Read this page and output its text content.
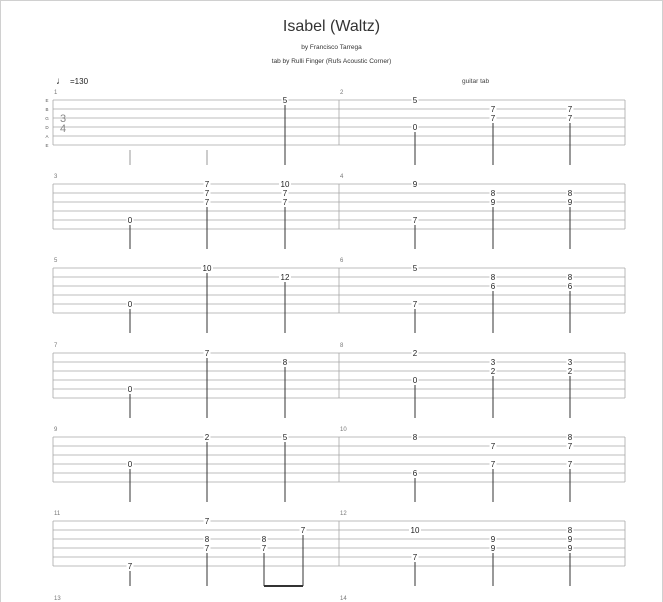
Isabel (Waltz)
by Francisco Tarrega
tab by Rulli Finger (Rufs Acoustic Corner)
♩ =130	guitar tab
1	2
E
B
G
D
A
E
3
4
5	5
0
7
7
7
7
3	4
0
7
7
7
10
7
7
9
7
8
9
8
9
5	6
0
10
12
5
7
8
6
8
6
7	8
0
7
8
2
0
3
2
3
2
9	10
0
2	5	8
6
7
7
8
7
7
11	12
7
7
8
7
8
7
7	10
7
9
9
8
9
9
13	14
